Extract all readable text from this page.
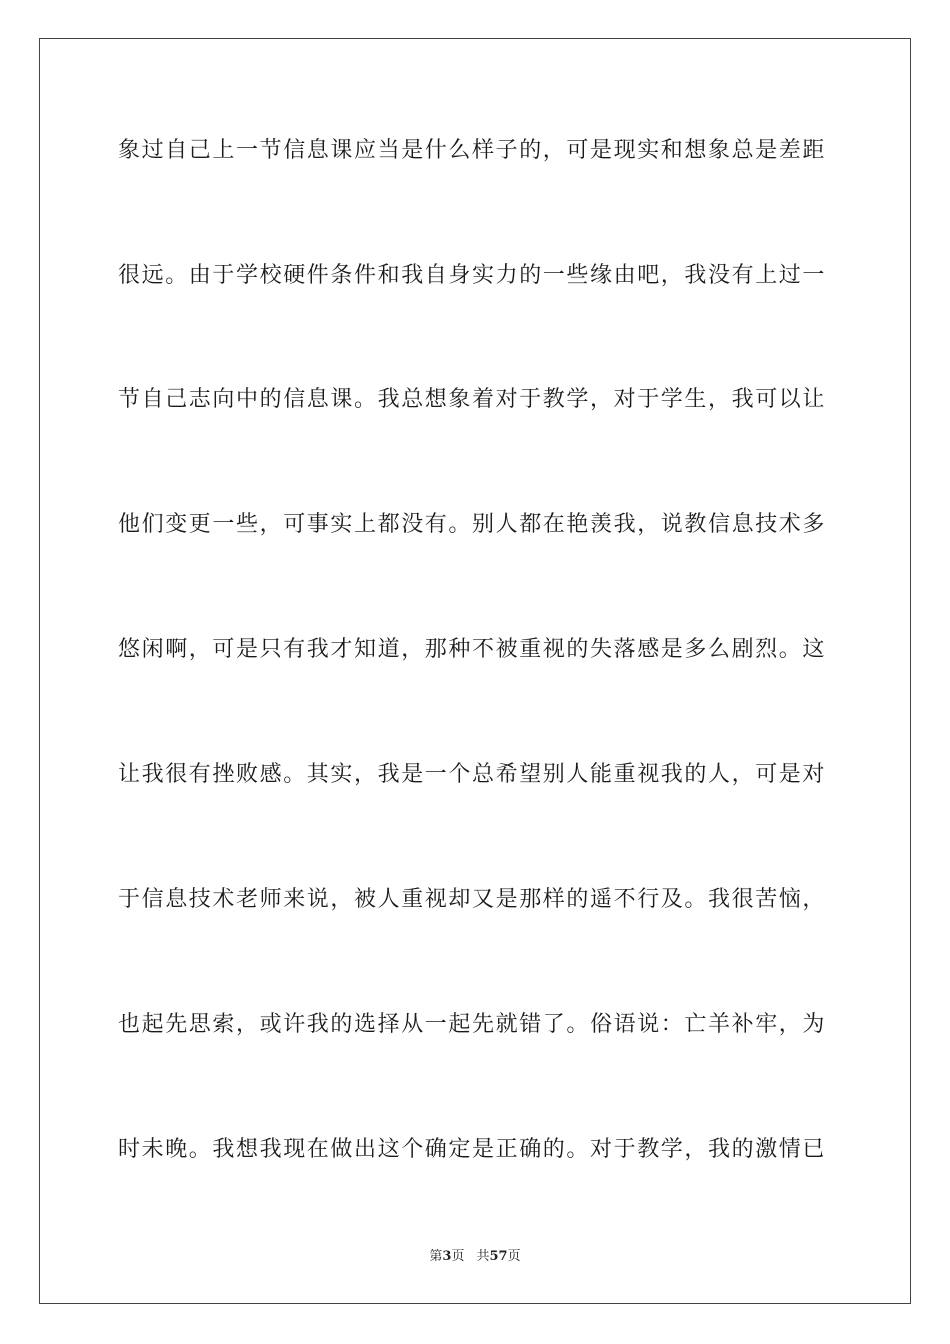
象过自己上一节信息课应当是什么样子的，可是现实和想象总是差距
很远。由于学校硬件条件和我自身实力的一些缘由吧，我没有上过一
节自己志向中的信息课。我总想象着对于教学，对于学生，我可以让
他们变更一些，可事实上都没有。别人都在艳羡我，说教信息技术多
悠闲啊，可是只有我才知道，那种不被重视的失落感是多么剧烈。这
让我很有挫败感。其实，我是一个总希望别人能重视我的人，可是对
于信息技术老师来说，被人重视却又是那样的遥不行及。我很苦恼，
也起先思索，或许我的选择从一起先就错了。俗语说：亡羊补牢，为
时未晚。我想我现在做出这个确定是正确的。对于教学，我的激情已
第3页 共57页
